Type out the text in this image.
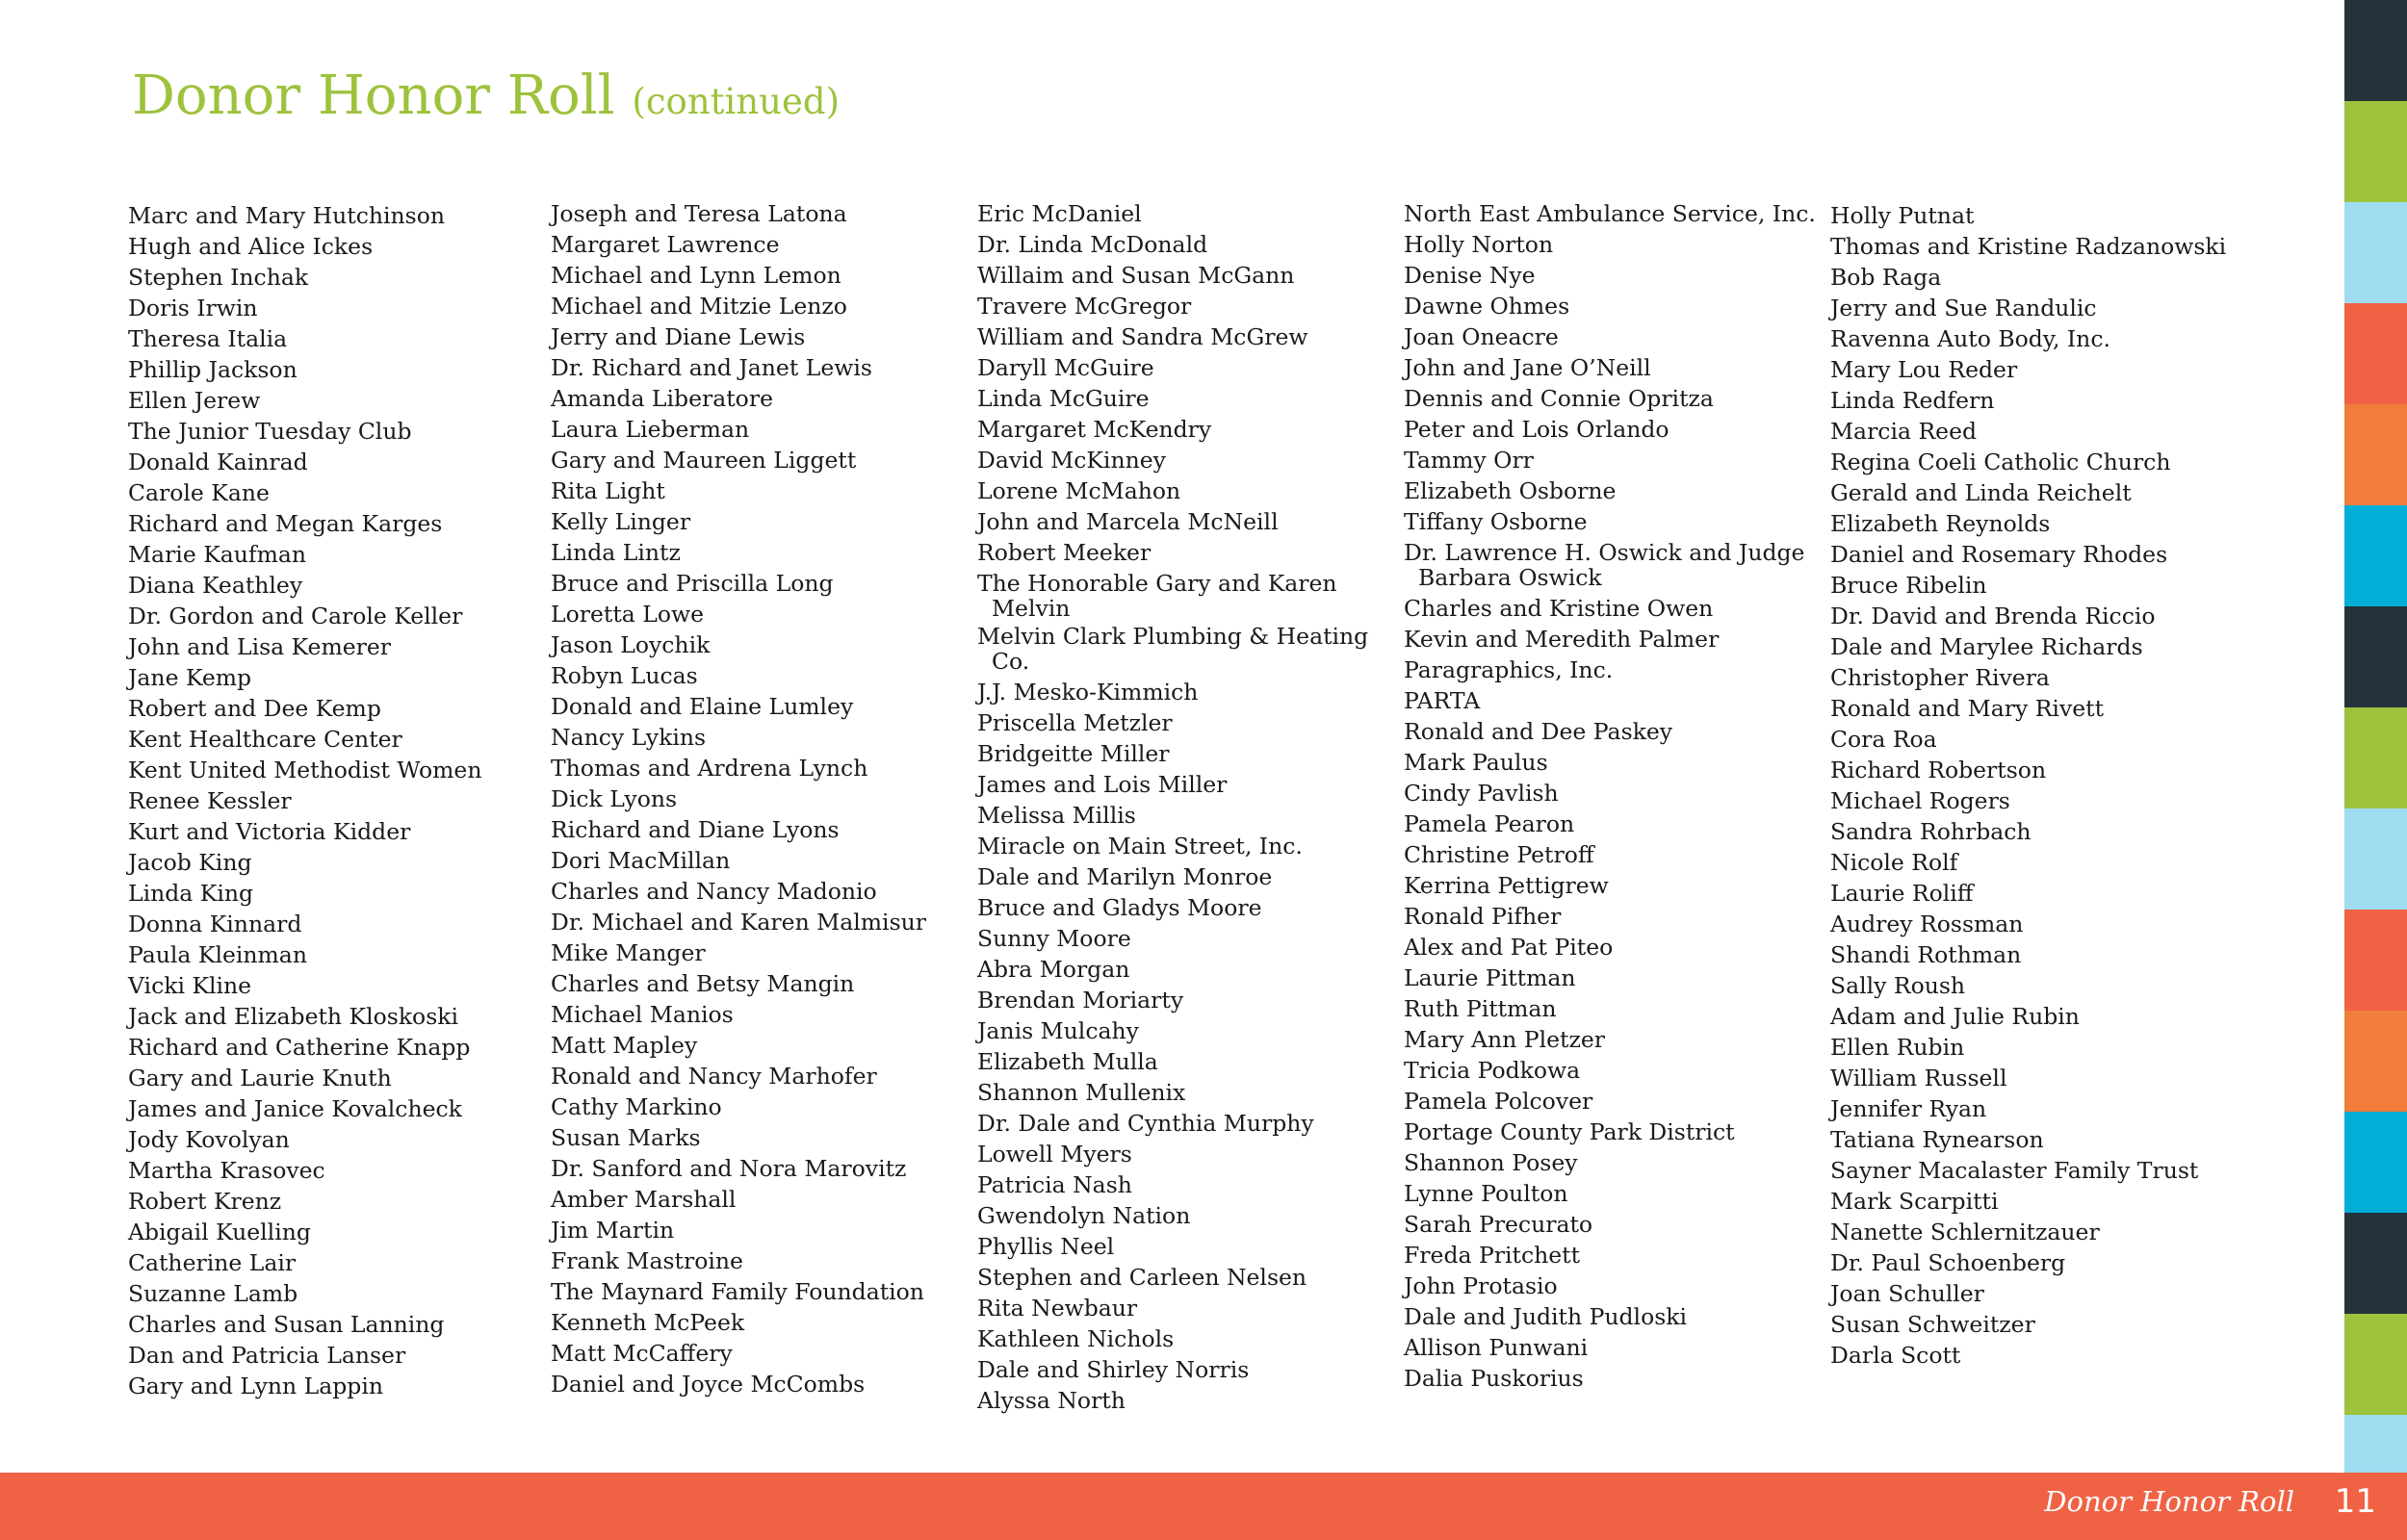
Donor Honor Roll (continued)
Marc and Mary Hutchinson
Hugh and Alice Ickes
Stephen Inchak
Doris Irwin
Theresa Italia
Phillip Jackson
Ellen Jerew
The Junior Tuesday Club
Donald Kainrad
Carole Kane
Richard and Megan Karges
Marie Kaufman
Diana Keathley
Dr. Gordon and Carole Keller
John and Lisa Kemerer
Jane Kemp
Robert and Dee Kemp
Kent Healthcare Center
Kent United Methodist Women
Renee Kessler
Kurt and Victoria Kidder
Jacob King
Linda King
Donna Kinnard
Paula Kleinman
Vicki Kline
Jack and Elizabeth Kloskoski
Richard and Catherine Knapp
Gary and Laurie Knuth
James and Janice Kovalcheck
Jody Kovolyan
Martha Krasovec
Robert Krenz
Abigail Kuelling
Catherine Lair
Suzanne Lamb
Charles and Susan Lanning
Dan and Patricia Lanser
Gary and Lynn Lappin
Joseph and Teresa Latona
Margaret Lawrence
Michael and Lynn Lemon
Michael and Mitzie Lenzo
Jerry and Diane Lewis
Dr. Richard and Janet Lewis
Amanda Liberatore
Laura Lieberman
Gary and Maureen Liggett
Rita Light
Kelly Linger
Linda Lintz
Bruce and Priscilla Long
Loretta Lowe
Jason Loychik
Robyn Lucas
Donald and Elaine Lumley
Nancy Lykins
Thomas and Ardrena Lynch
Dick Lyons
Richard and Diane Lyons
Dori MacMillan
Charles and Nancy Madonio
Dr. Michael and Karen Malmisur
Mike Manger
Charles and Betsy Mangin
Michael Manios
Matt Mapley
Ronald and Nancy Marhofer
Cathy Markino
Susan Marks
Dr. Sanford and Nora Marovitz
Amber Marshall
Jim Martin
Frank Mastroine
The Maynard Family Foundation
Kenneth McPeek
Matt McCaffery
Daniel and Joyce McCombs
Eric McDaniel
Dr. Linda McDonald
Willaim and Susan McGann
Travere McGregor
William and Sandra McGrew
Daryll McGuire
Linda McGuire
Margaret McKendry
David McKinney
Lorene McMahon
John and Marcela McNeill
Robert Meeker
The Honorable Gary and Karen Melvin
Melvin Clark Plumbing & Heating Co.
J.J. Mesko-Kimmich
Priscella Metzler
Bridgeitte Miller
James and Lois Miller
Melissa Millis
Miracle on Main Street, Inc.
Dale and Marilyn Monroe
Bruce and Gladys Moore
Sunny Moore
Abra Morgan
Brendan Moriarty
Janis Mulcahy
Elizabeth Mulla
Shannon Mullenix
Dr. Dale and Cynthia Murphy
Lowell Myers
Patricia Nash
Gwendolyn Nation
Phyllis Neel
Stephen and Carleen Nelsen
Rita Newbaur
Kathleen Nichols
Dale and Shirley Norris
Alyssa North
North East Ambulance Service, Inc.
Holly Norton
Denise Nye
Dawne Ohmes
Joan Oneacre
John and Jane O’Neill
Dennis and Connie Opritza
Peter and Lois Orlando
Tammy Orr
Elizabeth Osborne
Tiffany Osborne
Dr. Lawrence H. Oswick and Judge Barbara Oswick
Charles and Kristine Owen
Kevin and Meredith Palmer
Paragraphics, Inc.
PARTA
Ronald and Dee Paskey
Mark Paulus
Cindy Pavlish
Pamela Pearon
Christine Petroff
Kerrina Pettigrew
Ronald Pifher
Alex and Pat Piteo
Laurie Pittman
Ruth Pittman
Mary Ann Pletzer
Tricia Podkowa
Pamela Polcover
Portage County Park District
Shannon Posey
Lynne Poulton
Sarah Precurato
Freda Pritchett
John Protasio
Dale and Judith Pudloski
Allison Punwani
Dalia Puskorius
Holly Putnat
Thomas and Kristine Radzanowski
Bob Raga
Jerry and Sue Randulic
Ravenna Auto Body, Inc.
Mary Lou Reder
Linda Redfern
Marcia Reed
Regina Coeli Catholic Church
Gerald and Linda Reichelt
Elizabeth Reynolds
Daniel and Rosemary Rhodes
Bruce Ribelin
Dr. David and Brenda Riccio
Dale and Marylee Richards
Christopher Rivera
Ronald and Mary Rivett
Cora Roa
Richard Robertson
Michael Rogers
Sandra Rohrbach
Nicole Rolf
Laurie Roliff
Audrey Rossman
Shandi Rothman
Sally Roush
Adam and Julie Rubin
Ellen Rubin
William Russell
Jennifer Ryan
Tatiana Rynearson
Sayner Macalaster Family Trust
Mark Scarpitti
Nanette Schlernitzauer
Dr. Paul Schoenberg
Joan Schuller
Susan Schweitzer
Darla Scott
Donor Honor Roll 11
